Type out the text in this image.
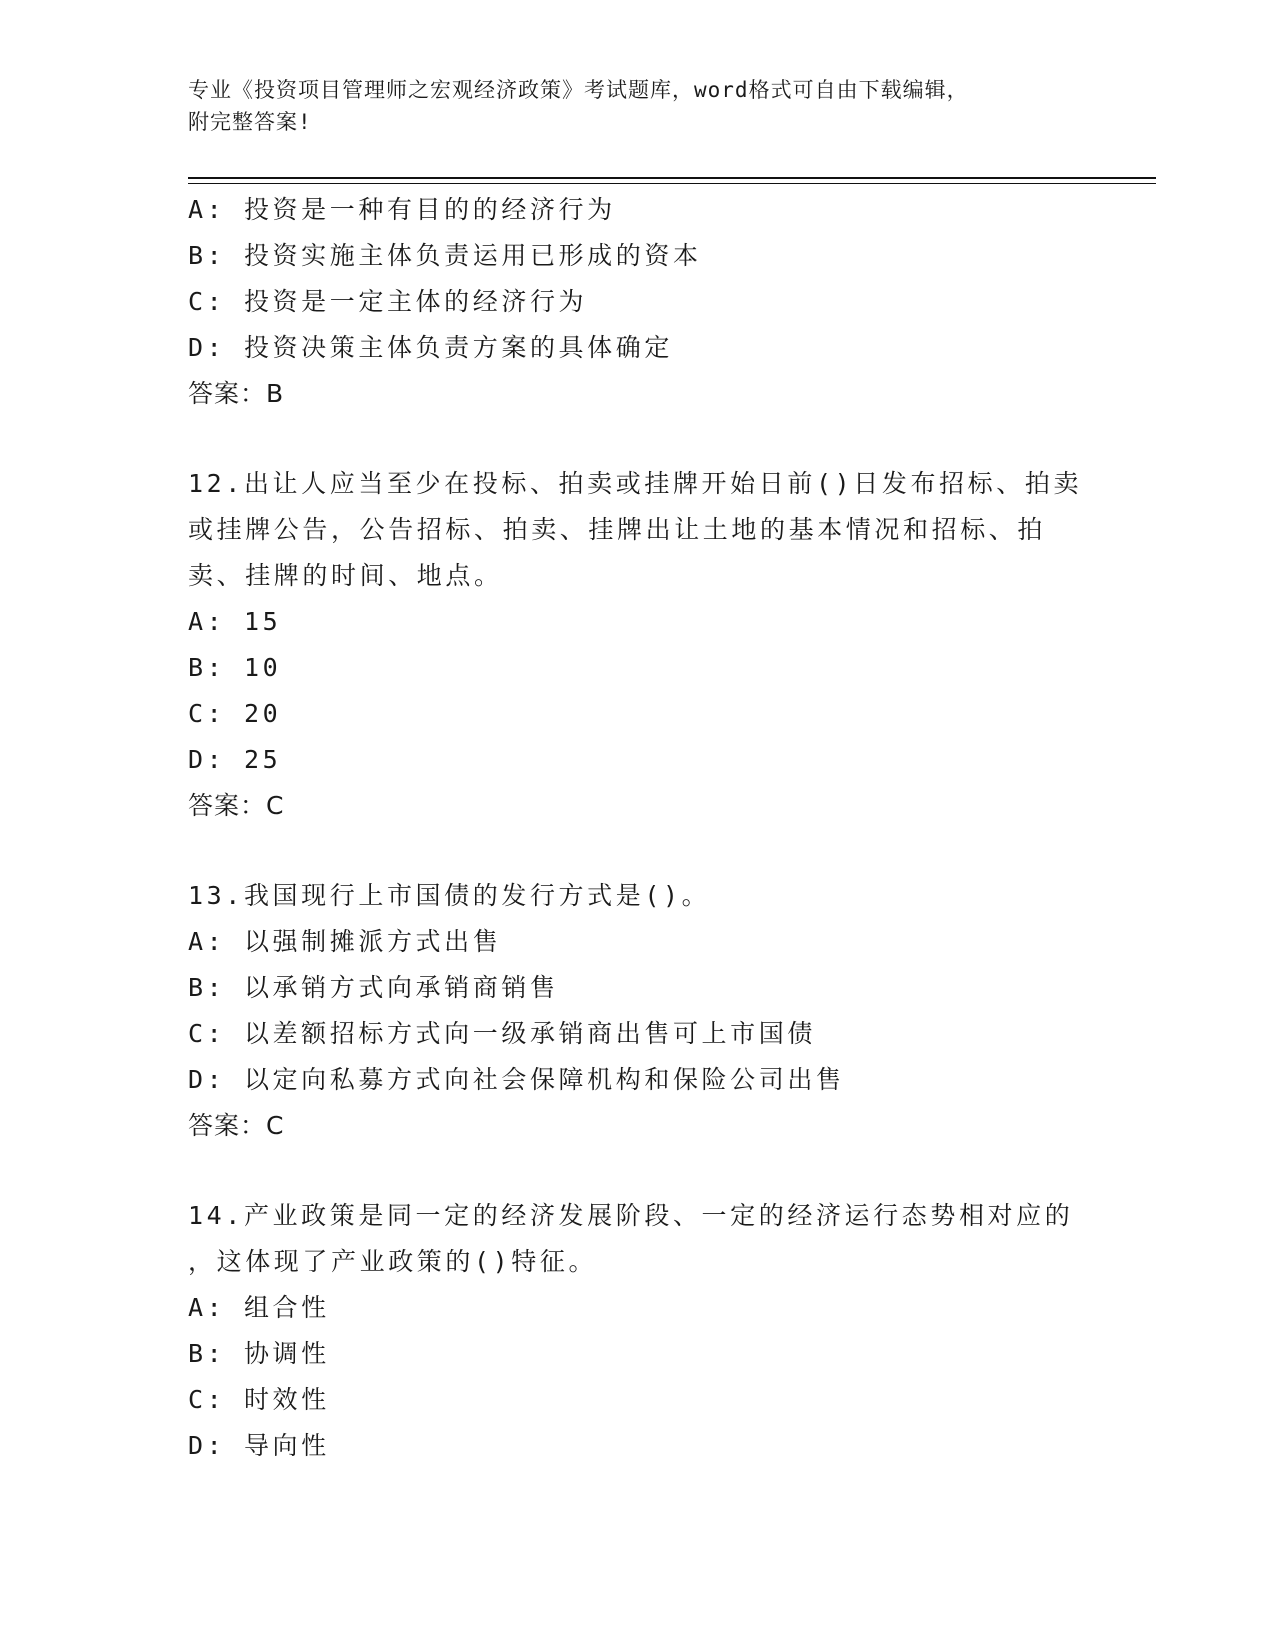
专业《投资项目管理师之宏观经济政策》考试题库，word格式可自由下载编辑，
附完整答案!
A: 投资是一种有目的的经济行为
B: 投资实施主体负责运用已形成的资本
C: 投资是一定主体的经济行为
D: 投资决策主体负责方案的具体确定
答案：B
12.出让人应当至少在投标、拍卖或挂牌开始日前()日发布招标、拍卖
或挂牌公告，公告招标、拍卖、挂牌出让土地的基本情况和招标、拍
卖、挂牌的时间、地点。
A: 15
B: 10
C: 20
D: 25
答案：C
13.我国现行上市国债的发行方式是()。
A: 以强制摊派方式出售
B: 以承销方式向承销商销售
C: 以差额招标方式向一级承销商出售可上市国债
D: 以定向私募方式向社会保障机构和保险公司出售
答案：C
14.产业政策是同一定的经济发展阶段、一定的经济运行态势相对应的
，这体现了产业政策的()特征。
A: 组合性
B: 协调性
C: 时效性
D: 导向性
